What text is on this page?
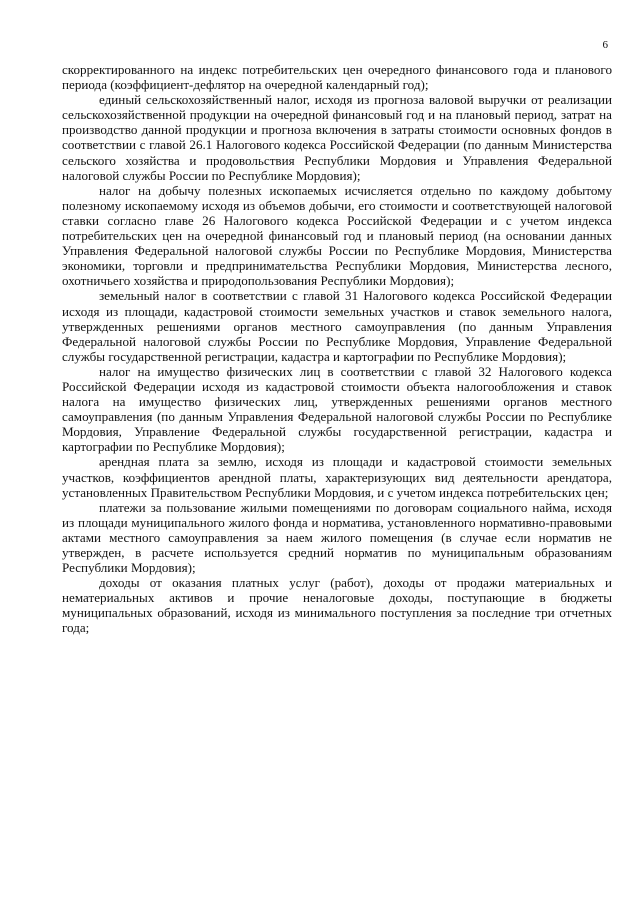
6

скорректированного на индекс потребительских цен очередного финансового года и планового периода (коэффициент-дефлятор на очередной календарный год);

единый сельскохозяйственный налог, исходя из прогноза валовой выручки от реализации сельскохозяйственной продукции на очередной финансовый год и на плановый период, затрат на производство данной продукции и прогноза включения в затраты стоимости основных фондов в соответствии с главой 26.1 Налогового кодекса Российской Федерации (по данным Министерства сельского хозяйства и продовольствия Республики Мордовия и Управления Федеральной налоговой службы России по Республике Мордовия);

налог на добычу полезных ископаемых исчисляется отдельно по каждому добытому полезному ископаемому исходя из объемов добычи, его стоимости и соответствующей налоговой ставки согласно главе 26 Налогового кодекса Российской Федерации и с учетом индекса потребительских цен на очередной финансовый год и плановый период (на основании данных Управления Федеральной налоговой службы России по Республике Мордовия, Министерства экономики, торговли и предпринимательства Республики Мордовия, Министерства лесного, охотничьего хозяйства и природопользования Республики Мордовия);

земельный налог в соответствии с главой 31 Налогового кодекса Российской Федерации исходя из площади, кадастровой стоимости земельных участков и ставок земельного налога, утвержденных решениями органов местного самоуправления (по данным Управления Федеральной налоговой службы России по Республике Мордовия, Управление Федеральной службы государственной регистрации, кадастра и картографии по Республике Мордовия);

налог на имущество физических лиц в соответствии с главой 32 Налогового кодекса Российской Федерации исходя из кадастровой стоимости объекта налогообложения и ставок налога на имущество физических лиц, утвержденных решениями органов местного самоуправления (по данным Управления Федеральной налоговой службы России по Республике Мордовия, Управление Федеральной службы государственной регистрации, кадастра и картографии по Республике Мордовия);

арендная плата за землю, исходя из площади и кадастровой стоимости земельных участков, коэффициентов арендной платы, характеризующих вид деятельности арендатора, установленных Правительством Республики Мордовия, и с учетом индекса потребительских цен;

платежи за пользование жилыми помещениями по договорам социального найма, исходя из площади муниципального жилого фонда и норматива, установленного нормативно-правовыми актами местного самоуправления за наем жилого помещения (в случае если норматив не утвержден, в расчете используется средний норматив по муниципальным образованиям Республики Мордовия);

доходы от оказания платных услуг (работ), доходы от продажи материальных и нематериальных активов и прочие неналоговые доходы, поступающие в бюджеты муниципальных образований, исходя из минимального поступления за последние три отчетных года;
